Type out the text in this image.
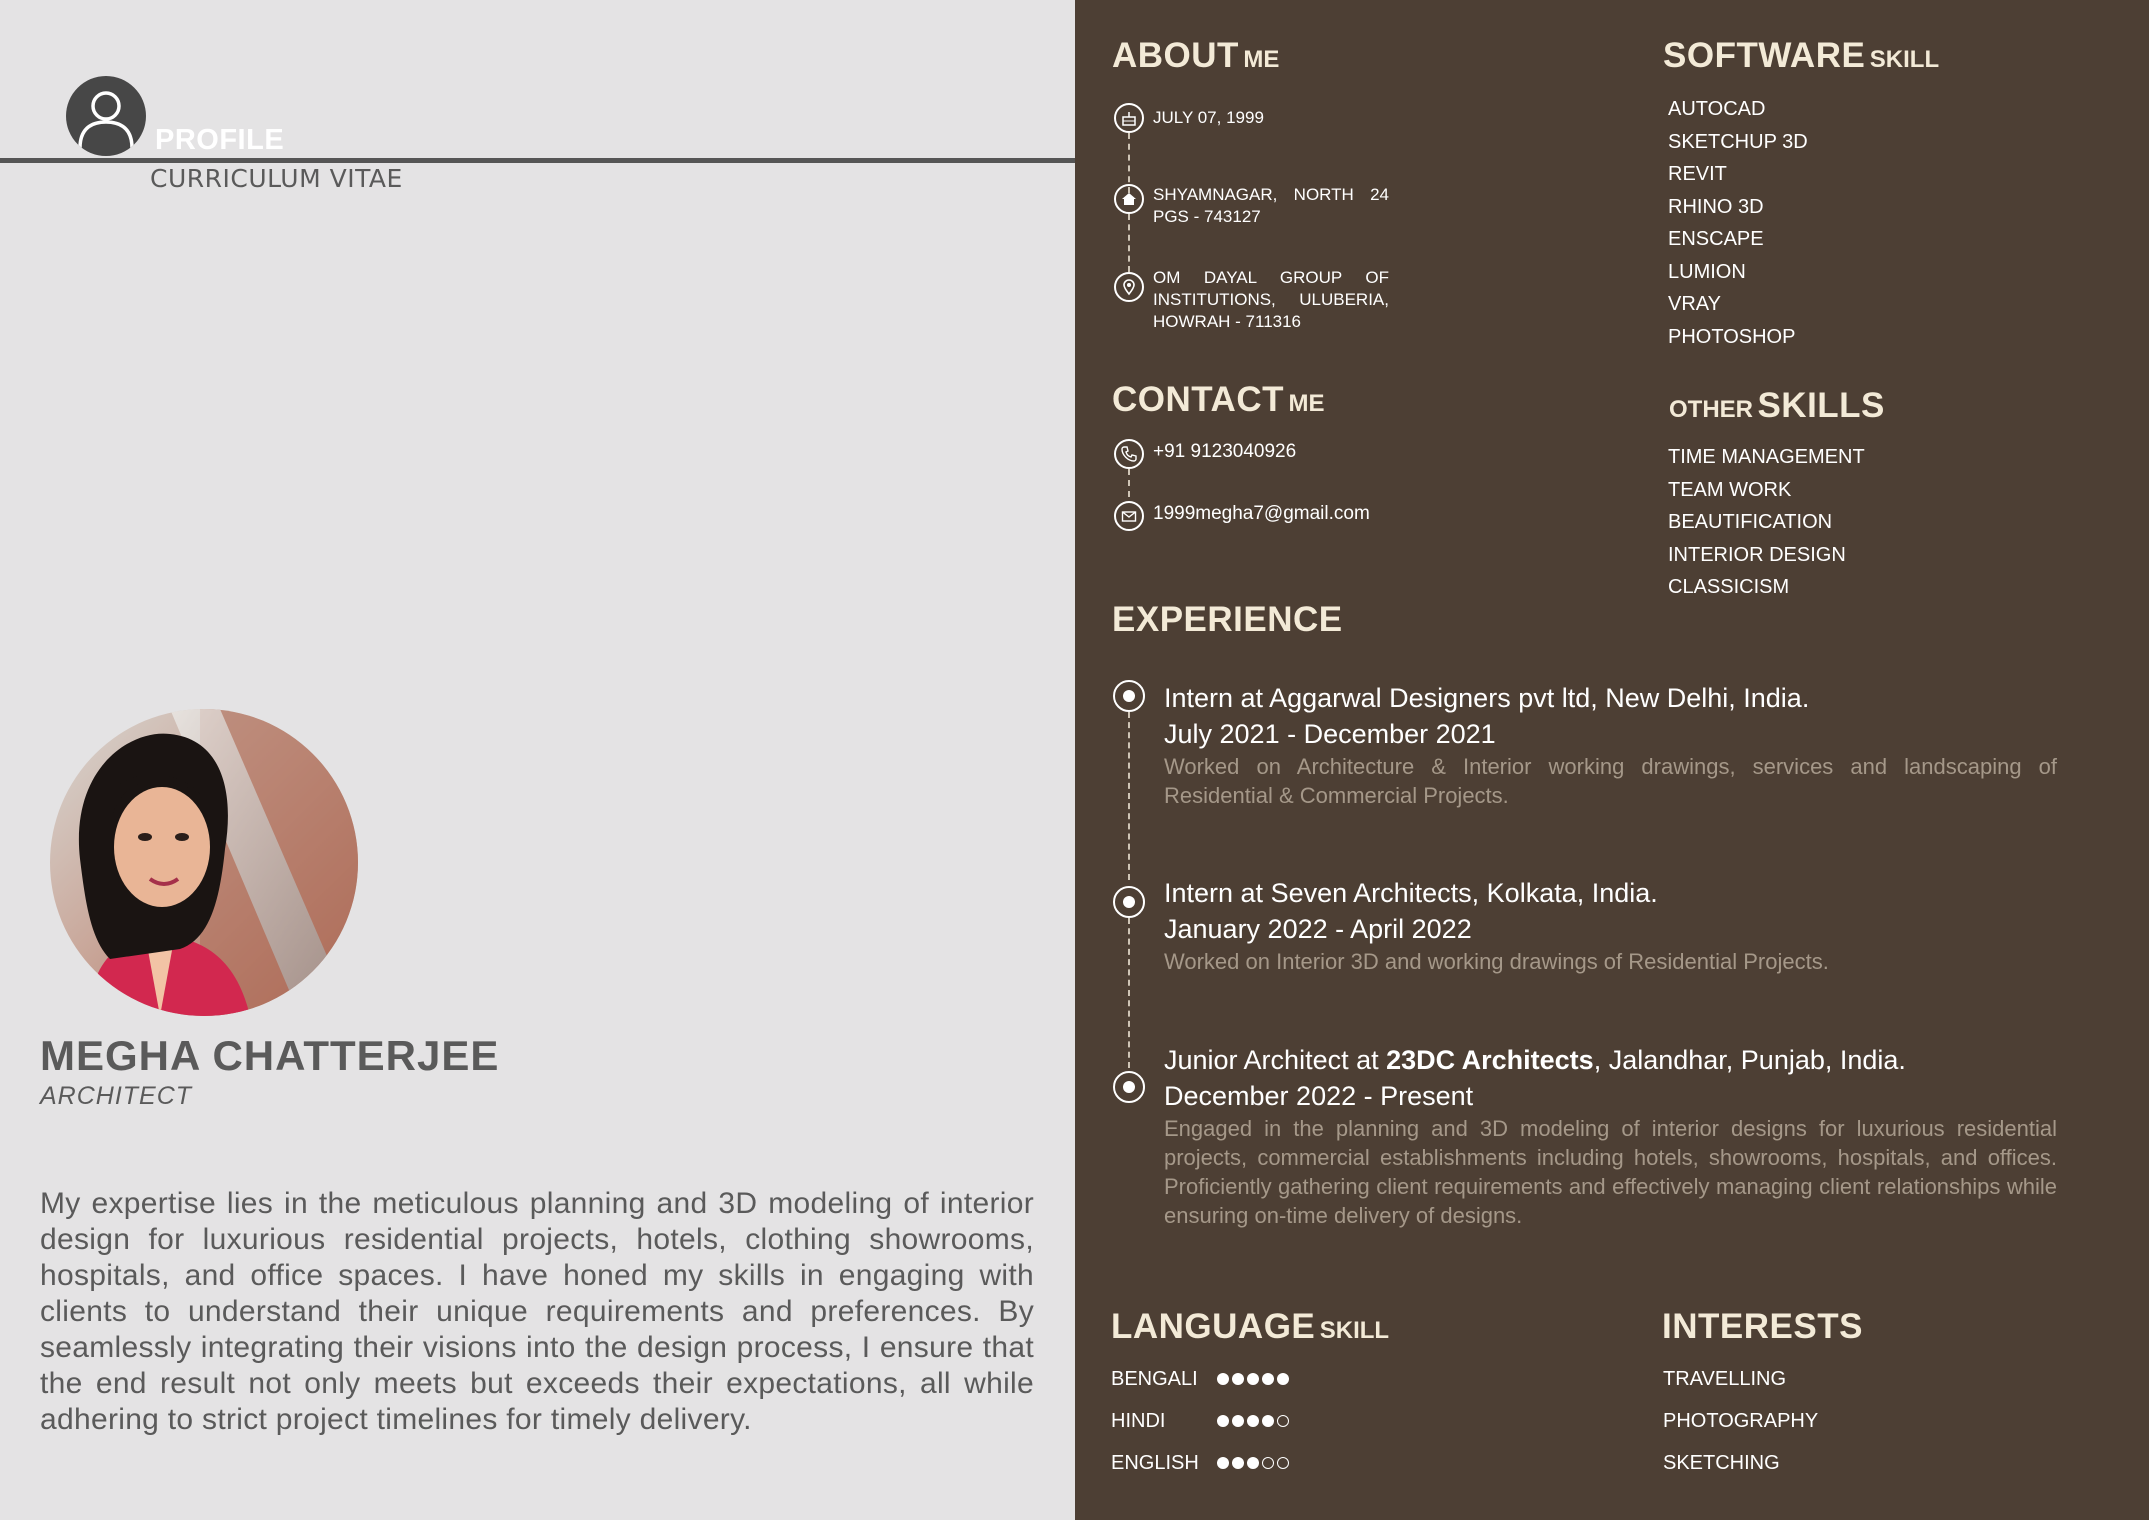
PROFILE
CURRICULUM VITAE
MEGHA CHATTERJEE
ARCHITECT
My expertise lies in the meticulous planning and 3D modeling of interior design for luxurious residential projects, hotels, clothing showrooms, hospitals, and office spaces. I have honed my skills in engaging with clients to understand their unique requirements and preferences. By seamlessly integrating their visions into the design process, I ensure that the end result not only meets but exceeds their expectations, all while adhering to strict project timelines for timely delivery.
ABOUT ME
JULY 07, 1999
SHYAMNAGAR, NORTH 24 PGS - 743127
OM DAYAL GROUP OF INSTITUTIONS, ULUBERIA, HOWRAH - 711316
CONTACT ME
+91 9123040926
1999megha7@gmail.com
SOFTWARE SKILL
AUTOCAD
SKETCHUP 3D
REVIT
RHINO 3D
ENSCAPE
LUMION
VRAY
PHOTOSHOP
OTHER SKILLS
TIME MANAGEMENT
TEAM WORK
BEAUTIFICATION
INTERIOR DESIGN
CLASSICISM
EXPERIENCE
Intern at Aggarwal Designers pvt ltd, New Delhi, India.
July 2021 - December 2021
Worked on Architecture & Interior working drawings, services and landscaping of Residential & Commercial Projects.
Intern at Seven Architects, Kolkata, India.
January 2022 - April 2022
Worked on Interior 3D and working drawings of Residential Projects.
Junior Architect at 23DC Architects, Jalandhar, Punjab, India.
December 2022 - Present
Engaged in the planning and 3D modeling of interior designs for luxurious residential projects, commercial establishments including hotels, showrooms, hospitals, and offices. Proficiently gathering client requirements and effectively managing client relationships while ensuring on-time delivery of designs.
LANGUAGE SKILL
BENGALI
HINDI
ENGLISH
INTERESTS
TRAVELLING
PHOTOGRAPHY
SKETCHING
